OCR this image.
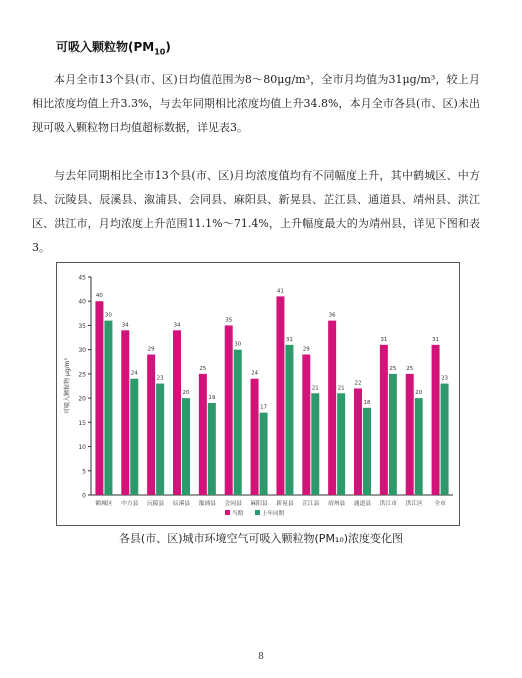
可吸入颗粒物$(PM_{10})$

本月全市13个县(市、区)日均值范围为8～80μg/m³，全市月均值为31μg/m³，较上月相比浓度均值上升3.3%，与去年同期相比浓度均值上升34.8%，本月全市各县(市、区)未出现可吸入颗粒物日均值超标数据，详见表3。

与去年同期相比全市13个县(市、区)月均浓度值均有不同幅度上升，其中鹤城区、中方县、沅陵县、辰溪县、溆浦县、会同县、麻阳县、新晃县、芷江县、通道县、靖州县、洪江区、洪江市，月均浓度上升范围11.1%～71.4%，上升幅度最大的为靖州县，详见下图和表3。

0
5
10
15
20
25
30
35
40
45
可吸入颗粒物 μg/m³
40
30
鹤城区
34
24
中方县
29
23
沅陵县
34
20
辰溪县
25
19
溆浦县
35
30
会同县
24
17
麻阳县
41
31
新晃县
29
21
芷江县
36
21
靖州县
22
18
通道县
31
25
洪江市
25
20
洪江区
31
23
全市
当期	上年同期
各县(市、区)城市环境空气可吸入颗粒物(PM₁₀)浓度变化图
8
